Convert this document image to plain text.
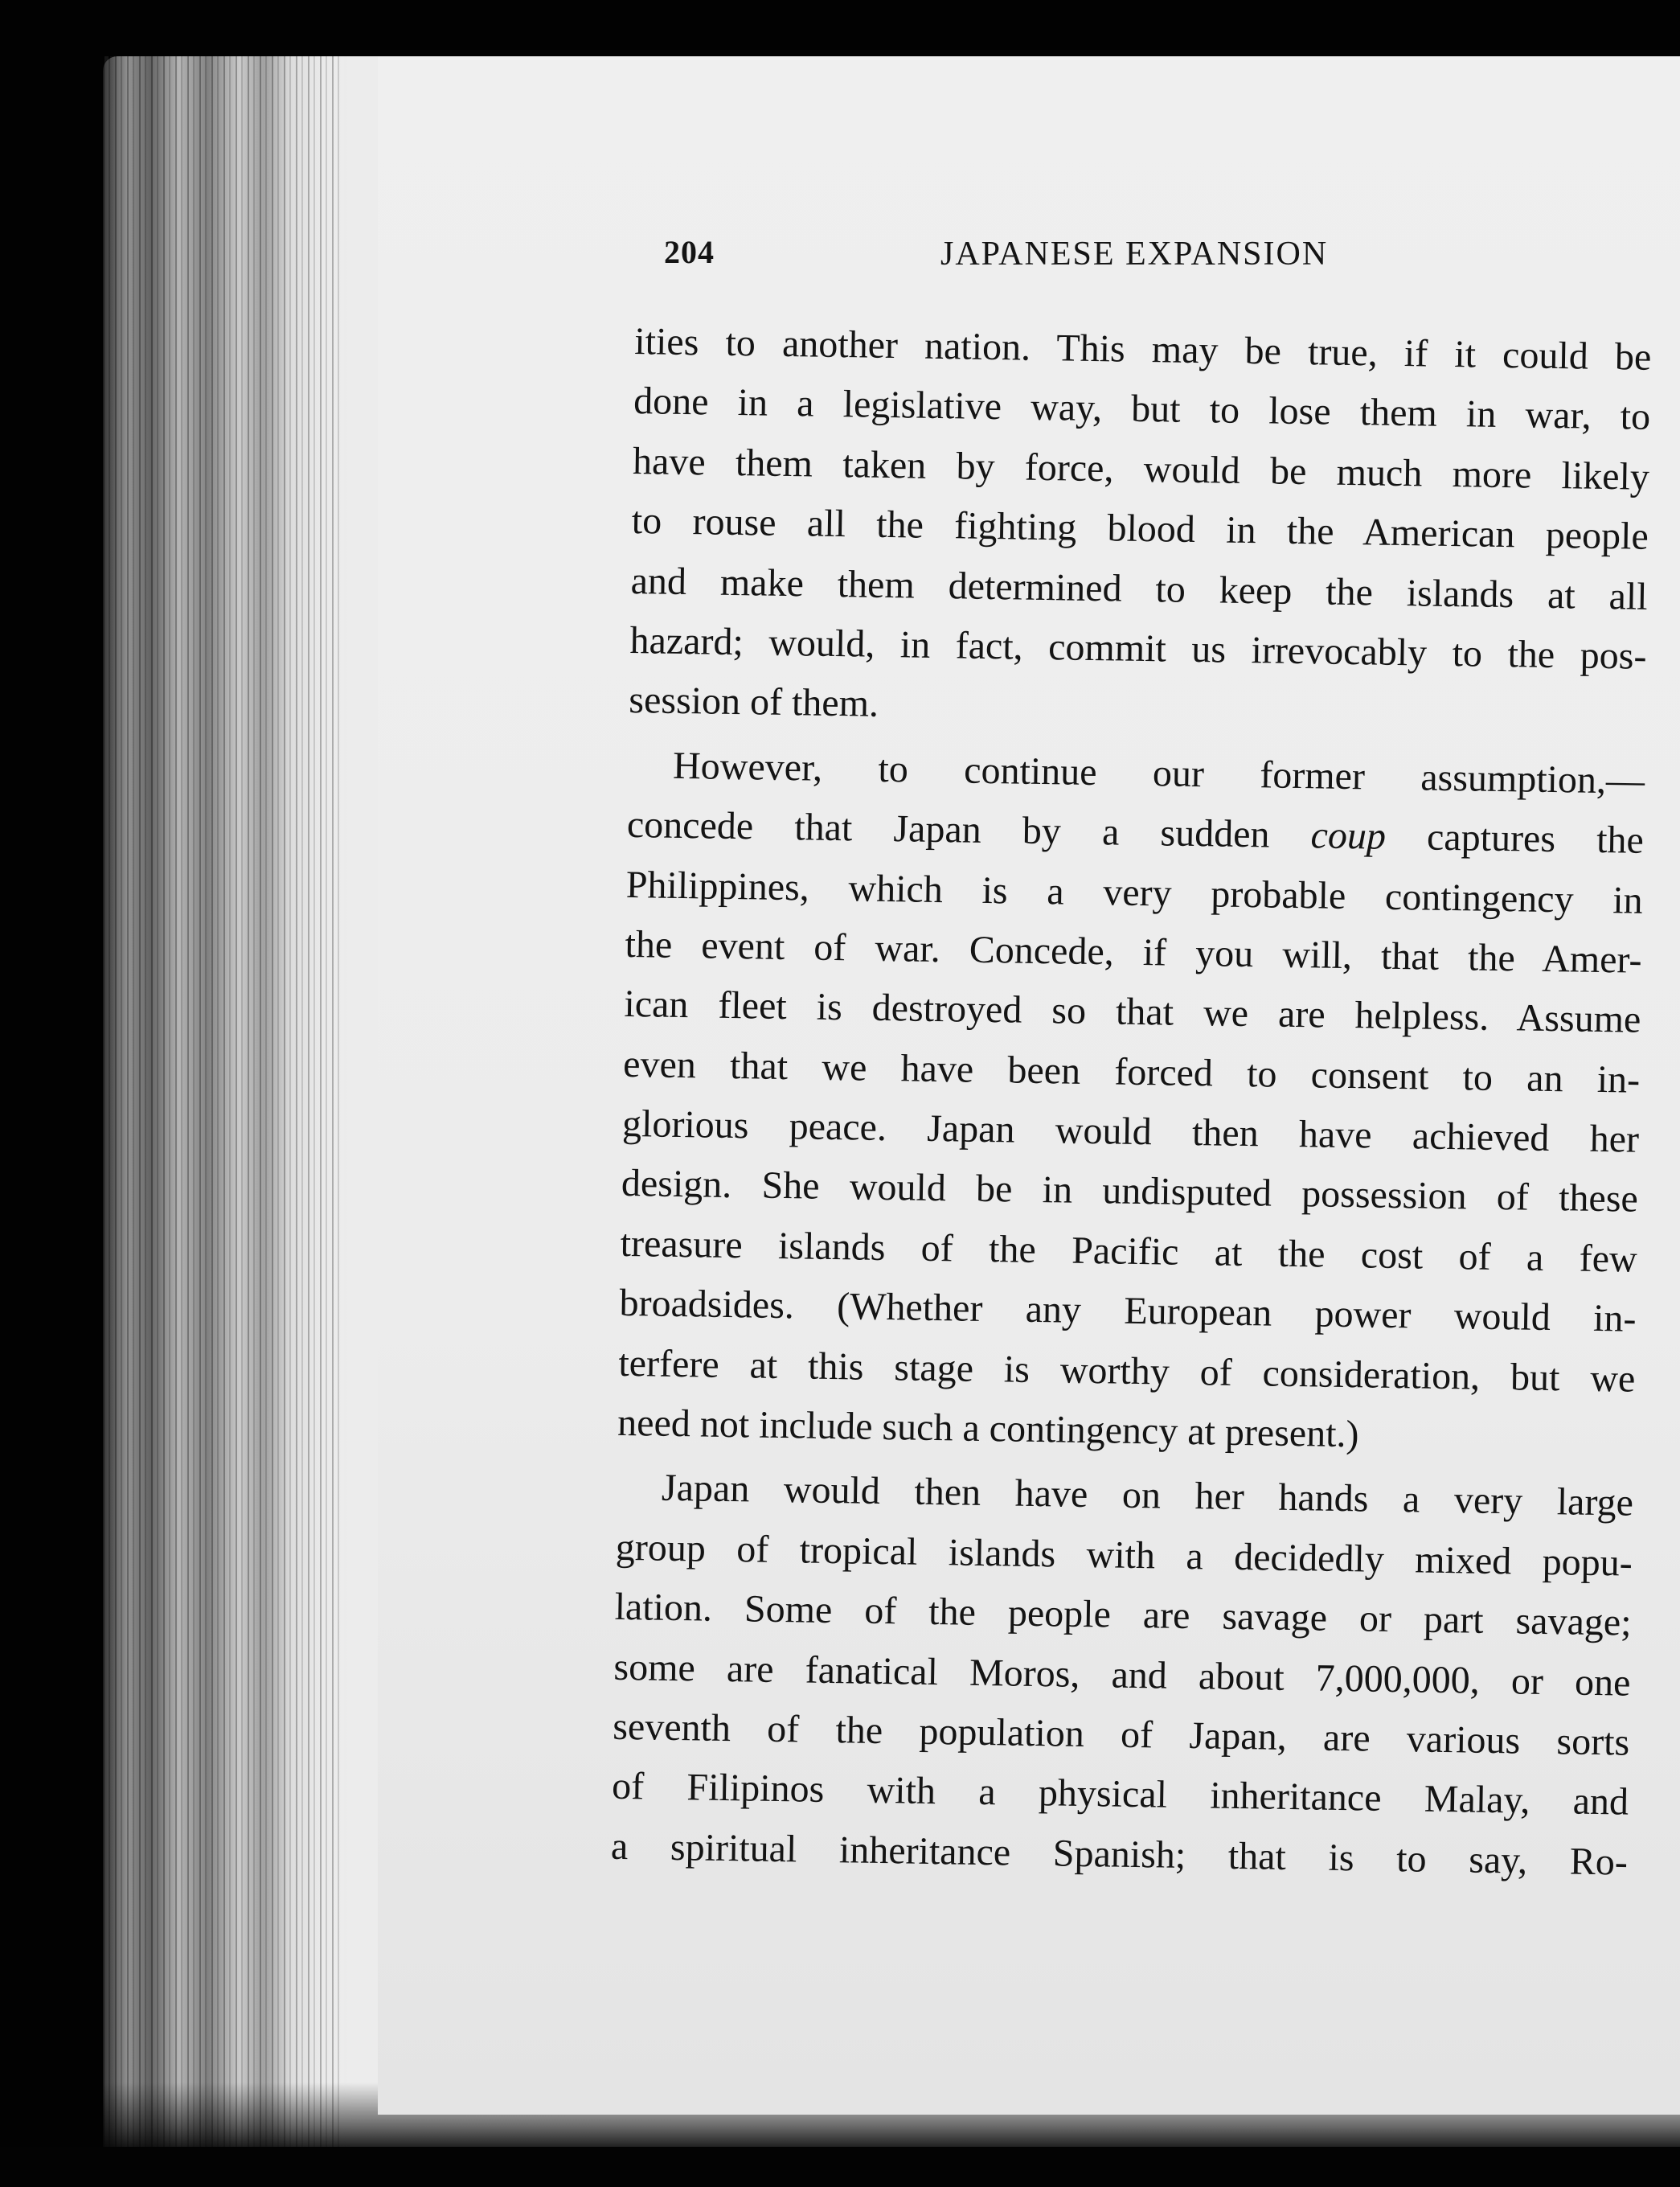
204	JAPANESE EXPANSION
ities to another nation. This may be true, if it could be
done in a legislative way, but to lose them in war, to
have them taken by force, would be much more likely
to rouse all the fighting blood in the American people
and make them determined to keep the islands at all
hazard; would, in fact, commit us irrevocably to the pos-
session of them.
However, to continue our former assumption,—
concede that Japan by a sudden coup captures the
Philippines, which is a very probable contingency in
the event of war. Concede, if you will, that the Amer-
ican fleet is destroyed so that we are helpless. Assume
even that we have been forced to consent to an in-
glorious peace. Japan would then have achieved her
design. She would be in undisputed possession of these
treasure islands of the Pacific at the cost of a few
broadsides. (Whether any European power would in-
terfere at this stage is worthy of consideration, but we
need not include such a contingency at present.)
Japan would then have on her hands a very large
group of tropical islands with a decidedly mixed popu-
lation. Some of the people are savage or part savage;
some are fanatical Moros, and about 7,000,000, or one
seventh of the population of Japan, are various sorts
of Filipinos with a physical inheritance Malay, and
a spiritual inheritance Spanish; that is to say, Ro-
